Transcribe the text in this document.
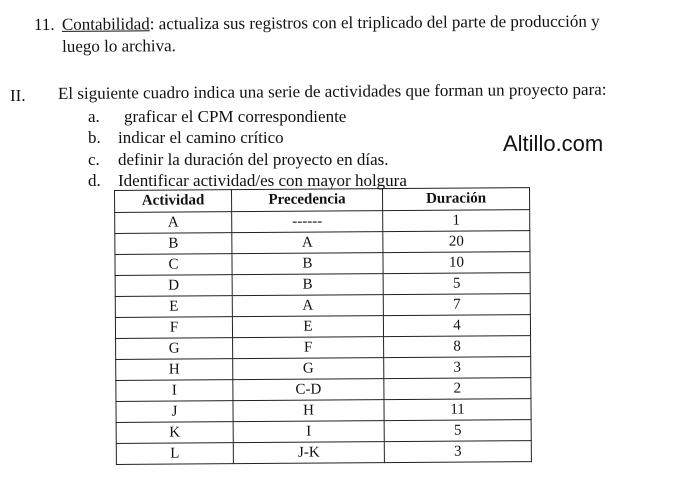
11. Contabilidad: actualiza sus registros con el triplicado del parte de producción y
luego lo archiva.
II. El siguiente cuadro indica una serie de actividades que forman un proyecto para:
a. graficar el CPM correspondiente
b. indicar el camino crítico
c. definir la duración del proyecto en días.
d. Identificar actividad/es con mayor holgura
Altillo.com
Actividad	Precedencia	Duración
A	------	1
B	A	20
C	B	10
D	B	5
E	A	7
F	E	4
G	F	8
H	G	3
I	C-D	2
J	H	11
K	I	5
L	J-K	3
